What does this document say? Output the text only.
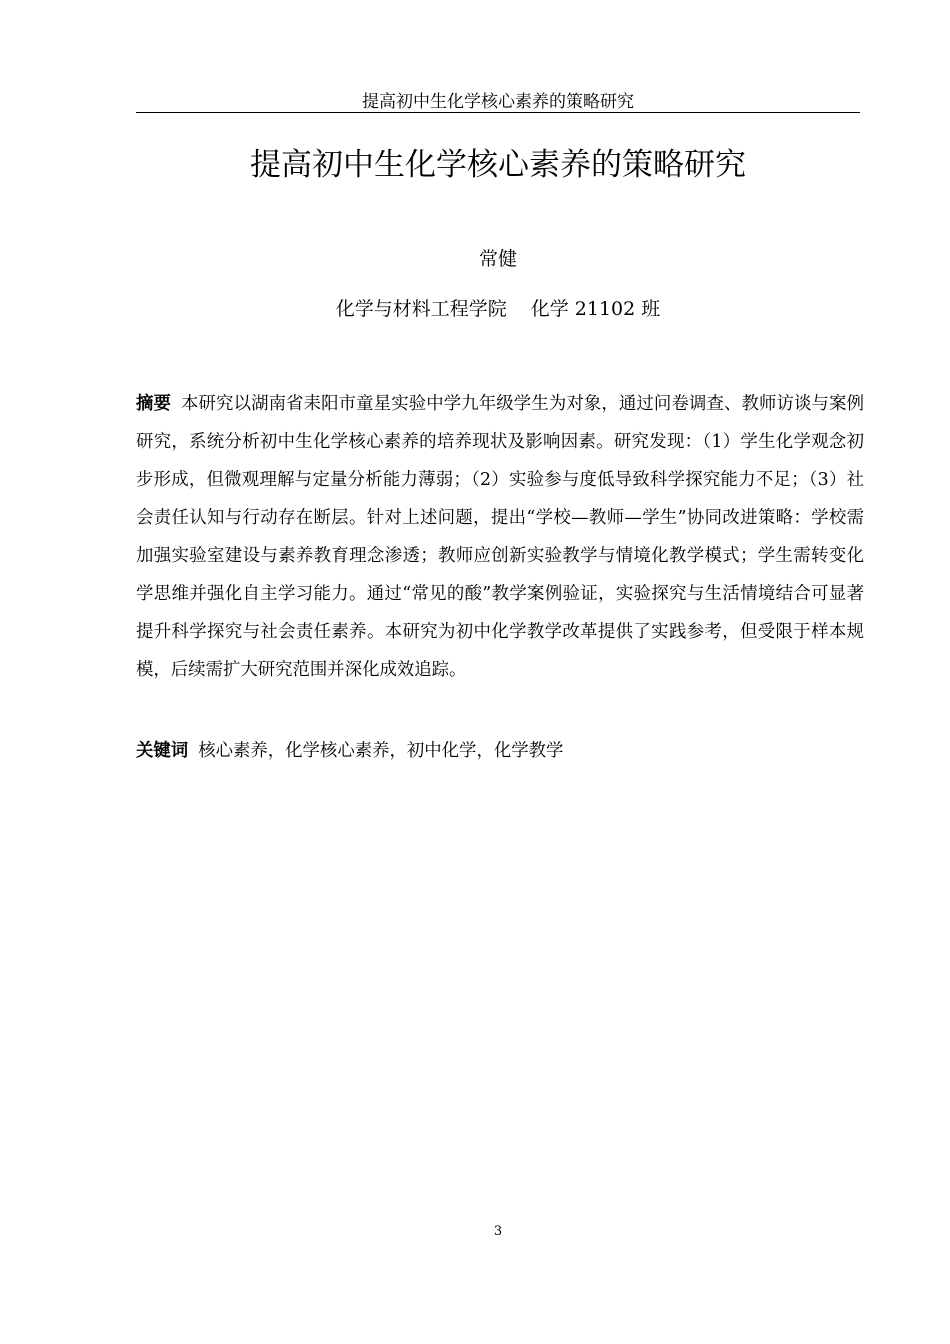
提高初中生化学核心素养的策略研究
提高初中生化学核心素养的策略研究
常健
化学与材料工程学院 化学 21102 班

摘要 本研究以湖南省耒阳市童星实验中学九年级学生为对象，通过问卷调查、教师访谈与案例研究，系统分析初中生化学核心素养的培养现状及影响因素。研究发现：（1）学生化学观念初步形成，但微观理解与定量分析能力薄弱；（2）实验参与度低导致科学探究能力不足；（3）社会责任认知与行动存在断层。针对上述问题，提出“学校—教师—学生”协同改进策略：学校需加强实验室建设与素养教育理念渗透；教师应创新实验教学与情境化教学模式；学生需转变化学思维并强化自主学习能力。通过“常见的酸”教学案例验证，实验探究与生活情境结合可显著提升科学探究与社会责任素养。本研究为初中化学教学改革提供了实践参考，但受限于样本规模，后续需扩大研究范围并深化成效追踪。

关键词 核心素养，化学核心素养，初中化学，化学教学
3
